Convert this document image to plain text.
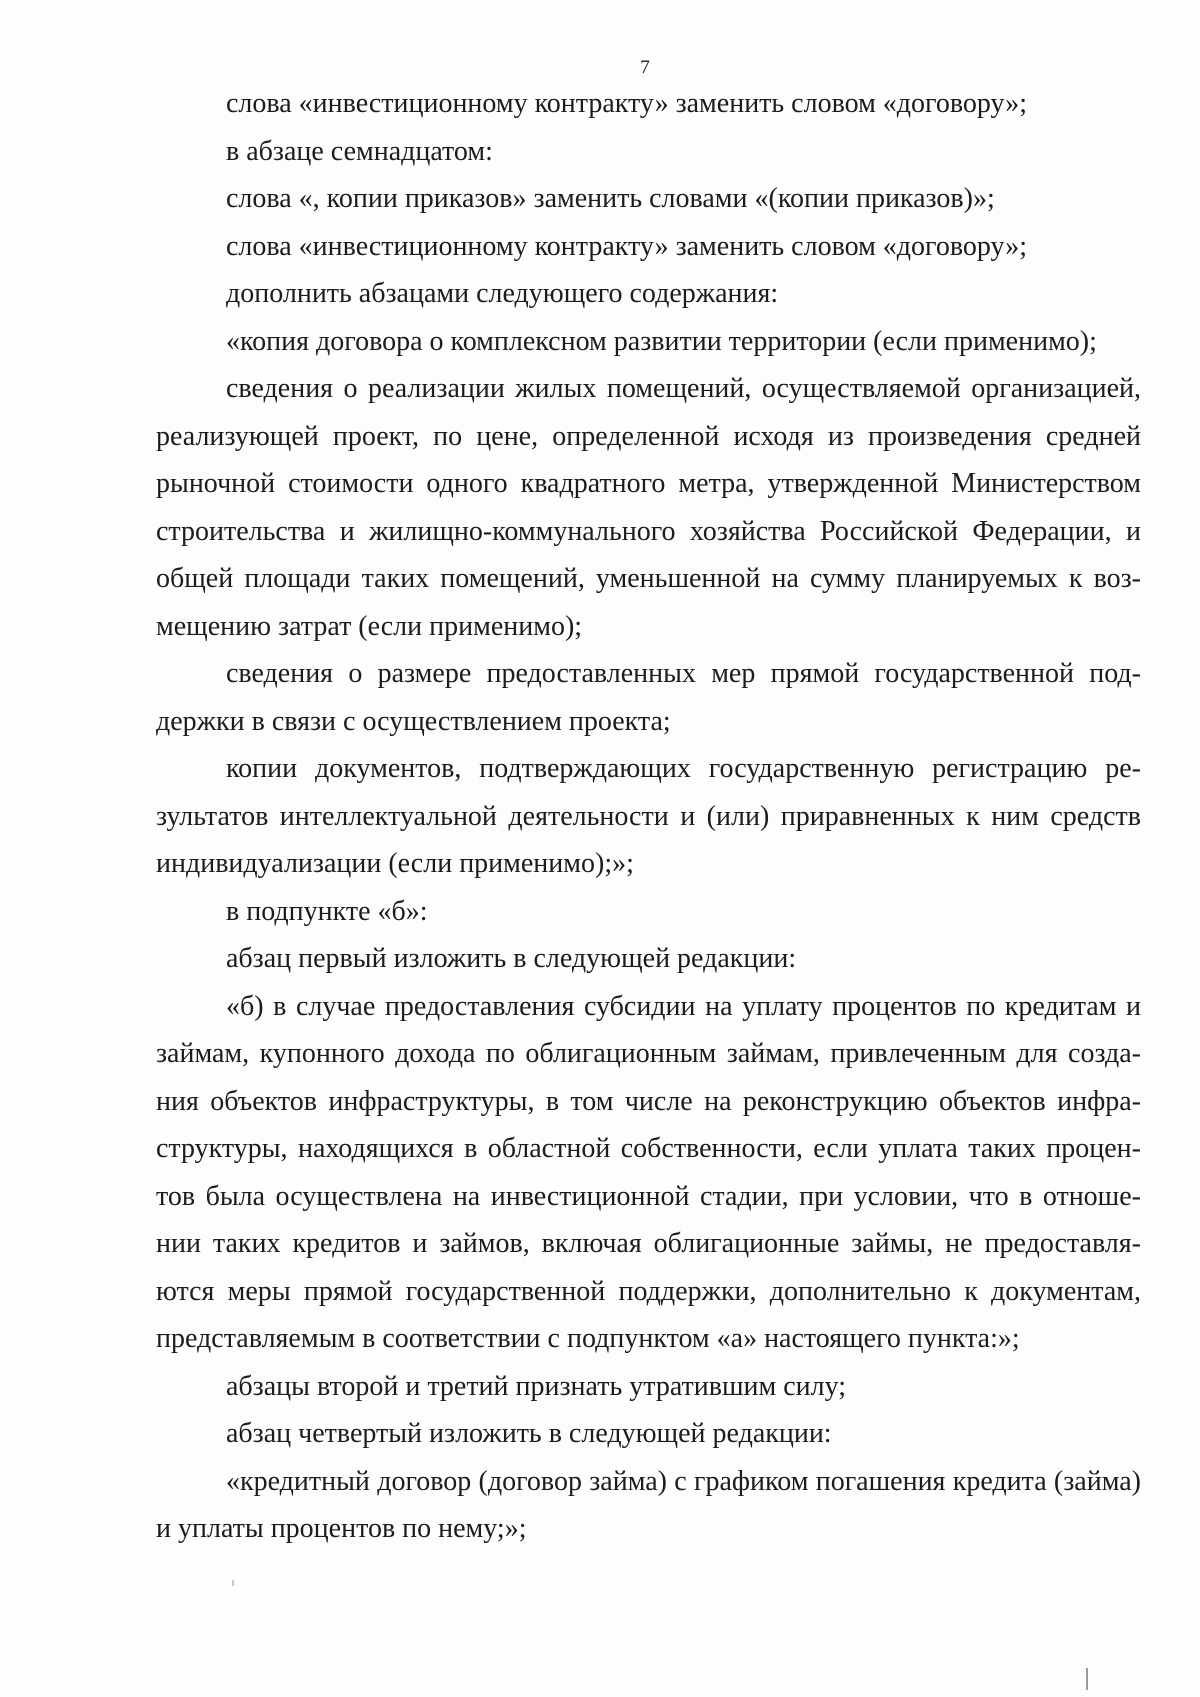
7

слова «инвестиционному контракту» заменить словом «договору»;

в абзаце семнадцатом:

слова «, копии приказов» заменить словами «(копии приказов)»;

слова «инвестиционному контракту» заменить словом «договору»;

дополнить абзацами следующего содержания:

«копия договора о комплексном развитии территории (если применимо);

сведения о реализации жилых помещений, осуществляемой организацией, реализующей проект, по цене, определенной исходя из произведения средней рыночной стоимости одного квадратного метра, утвержденной Министерством строительства и жилищно-коммунального хозяйства Российской Федерации, и общей площади таких помещений, уменьшенной на сумму планируемых к возмещению затрат (если применимо);

сведения о размере предоставленных мер прямой государственной поддержки в связи с осуществлением проекта;

копии документов, подтверждающих государственную регистрацию результатов интеллектуальной деятельности и (или) приравненных к ним средств индивидуализации (если применимо);»;

в подпункте «б»:

абзац первый изложить в следующей редакции:

«б) в случае предоставления субсидии на уплату процентов по кредитам и займам, купонного дохода по облигационным займам, привлеченным для создания объектов инфраструктуры, в том числе на реконструкцию объектов инфраструктуры, находящихся в областной собственности, если уплата таких процентов была осуществлена на инвестиционной стадии, при условии, что в отношении таких кредитов и займов, включая облигационные займы, не предоставляются меры прямой государственной поддержки, дополнительно к документам, представляемым в соответствии с подпунктом «а» настоящего пункта:»;

абзацы второй и третий признать утратившим силу;

абзац четвертый изложить в следующей редакции:

«кредитный договор (договор займа) с графиком погашения кредита (займа) и уплаты процентов по нему;»;
